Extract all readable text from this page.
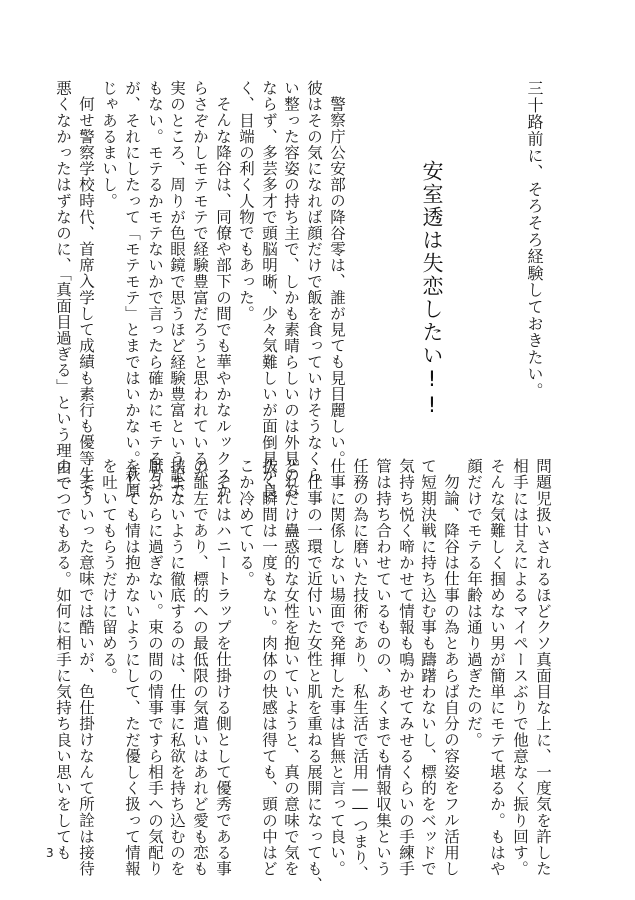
三十路前に、そろそろ経験しておきたい。
安室透は失恋したい!!
警察庁公安部の降谷零は、誰が見ても見目麗しい。
彼はその気になれば顔だけで飯を食っていけそうなくら
い整った容姿の持ち主で、しかも素晴らしいのは外見のみ
ならず、多芸多才で頭脳明晰、少々気難しいが面倒見が良
く、目端の利く人物でもあった。
そんな降谷は、同僚や部下の間でも華やかなルックスか
らさぞかしモテモテで経験豊富だろうと思われているが、
実のところ、周りが色眼鏡で思うほど経験豊富という訳で
もない。モテるかモテないかで言ったら確かにモテる方だ
が、それにしたって「モテモテ」とまではいかない。萩原
じゃあるまいし。
何せ警察学校時代、首席入学して成績も素行も優等生で
悪くなかったはずなのに、「真面目過ぎる」という理由で
問題児扱いされるほどクソ真面目な上に、一度気を許した
相手には甘えによるマイペースぶりで他意なく振り回す。
そんな気難しく掴めない男が簡単にモテて堪るか。もはや
顔だけでモテる年齢は通り過ぎたのだ。
勿論、降谷は仕事の為とあらば自分の容姿をフル活用し
て短期決戦に持ち込む事も躊躇わないし、標的をベッドで
気持ち悦く啼かせて情報も鳴かせてみせるくらいの手練手
管は持ち合わせているものの、あくまでも情報収集という
任務の為に磨いた技術であり、私生活で活用――つまり、
仕事に関係しない場面で発揮した事は皆無と言って良い。
仕事の一環で近付いた女性と肌を重ねる展開になっても、
どれだけ蠱惑的な女性を抱いていようと、真の意味で気を
抜く瞬間は一度もない。肉体の快感は得ても、頭の中はど
こか冷めている。
それはハニートラップを仕掛ける側として優秀である事
の証左であり、標的への最低限の気遣いはあれど愛も恋も
挟まないように徹底するのは、仕事に私欲を持ち込むのを
厭うからに過ぎない。束の間の情事ですら相手への気配り
をしても情は抱かないようにして、ただ優しく扱って情報
を吐いてもらうだけに留める。
そういった意味では酷いが、色仕掛けなんて所詮は接待
の一つでもある。如何に相手に気持ち良い思いをしても
3
